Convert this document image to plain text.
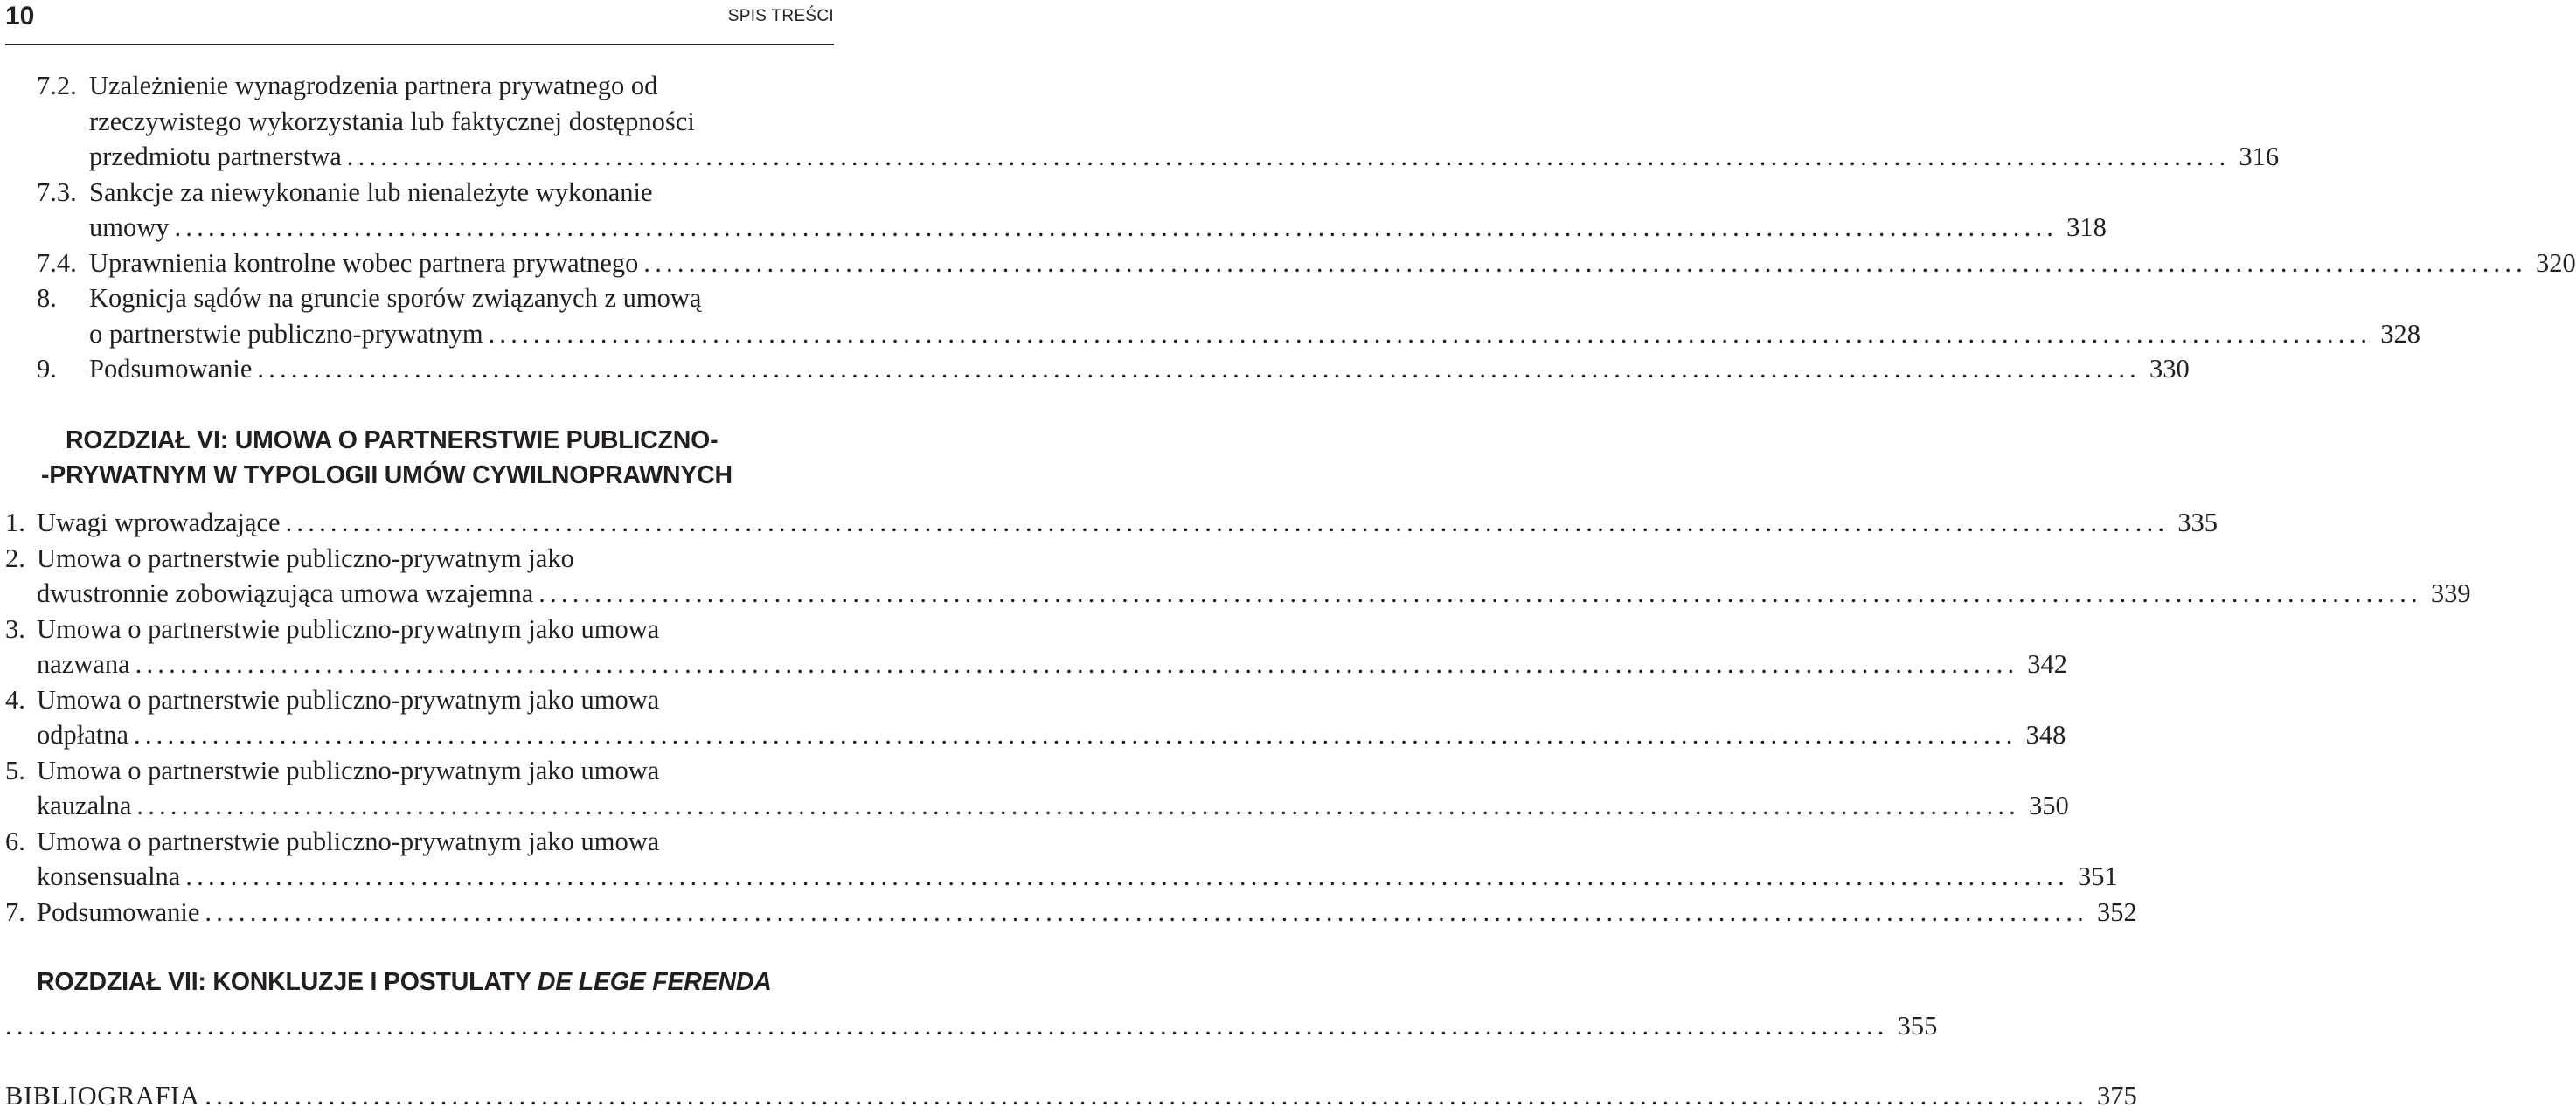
10	SPIS TREŚCI
ROZDZIAŁ VI: UMOWA O PARTNERSTWIE PUBLICZNO-
-PRYWATNYM W TYPOLOGII UMÓW CYWILNOPRAWNYCH
ROZDZIAŁ VII: KONKLUZJE I POSTULATY DE LEGE FERENDA
........................................................................................................................................................................ 355
BIBLIOGRAFIA ........................................................................................................................................................................ 375
7.2. Uzależnienie wynagrodzenia partnera prywatnego od
rzeczywistego wykorzystania lub faktycznej dostępności
przedmiotu partnerstwa ........................................................................................................................................................................ 316
7.3. Sankcje za niewykonanie lub nienależyte wykonanie
umowy ........................................................................................................................................................................ 318
7.4. Uprawnienia kontrolne wobec partnera prywatnego ........................................................................................................................................................................ 320
8. Kognicja sądów na gruncie sporów związanych z umową
o partnerstwie publiczno-prywatnym ........................................................................................................................................................................ 328
9. Podsumowanie ........................................................................................................................................................................ 330
1. Uwagi wprowadzające ........................................................................................................................................................................ 335
2. Umowa o partnerstwie publiczno-prywatnym jako
dwustronnie zobowiązująca umowa wzajemna ........................................................................................................................................................................ 339
3. Umowa o partnerstwie publiczno-prywatnym jako umowa
nazwana ........................................................................................................................................................................ 342
4. Umowa o partnerstwie publiczno-prywatnym jako umowa
odpłatna ........................................................................................................................................................................ 348
5. Umowa o partnerstwie publiczno-prywatnym jako umowa
kauzalna ........................................................................................................................................................................ 350
6. Umowa o partnerstwie publiczno-prywatnym jako umowa
konsensualna ........................................................................................................................................................................ 351
7. Podsumowanie ........................................................................................................................................................................ 352
